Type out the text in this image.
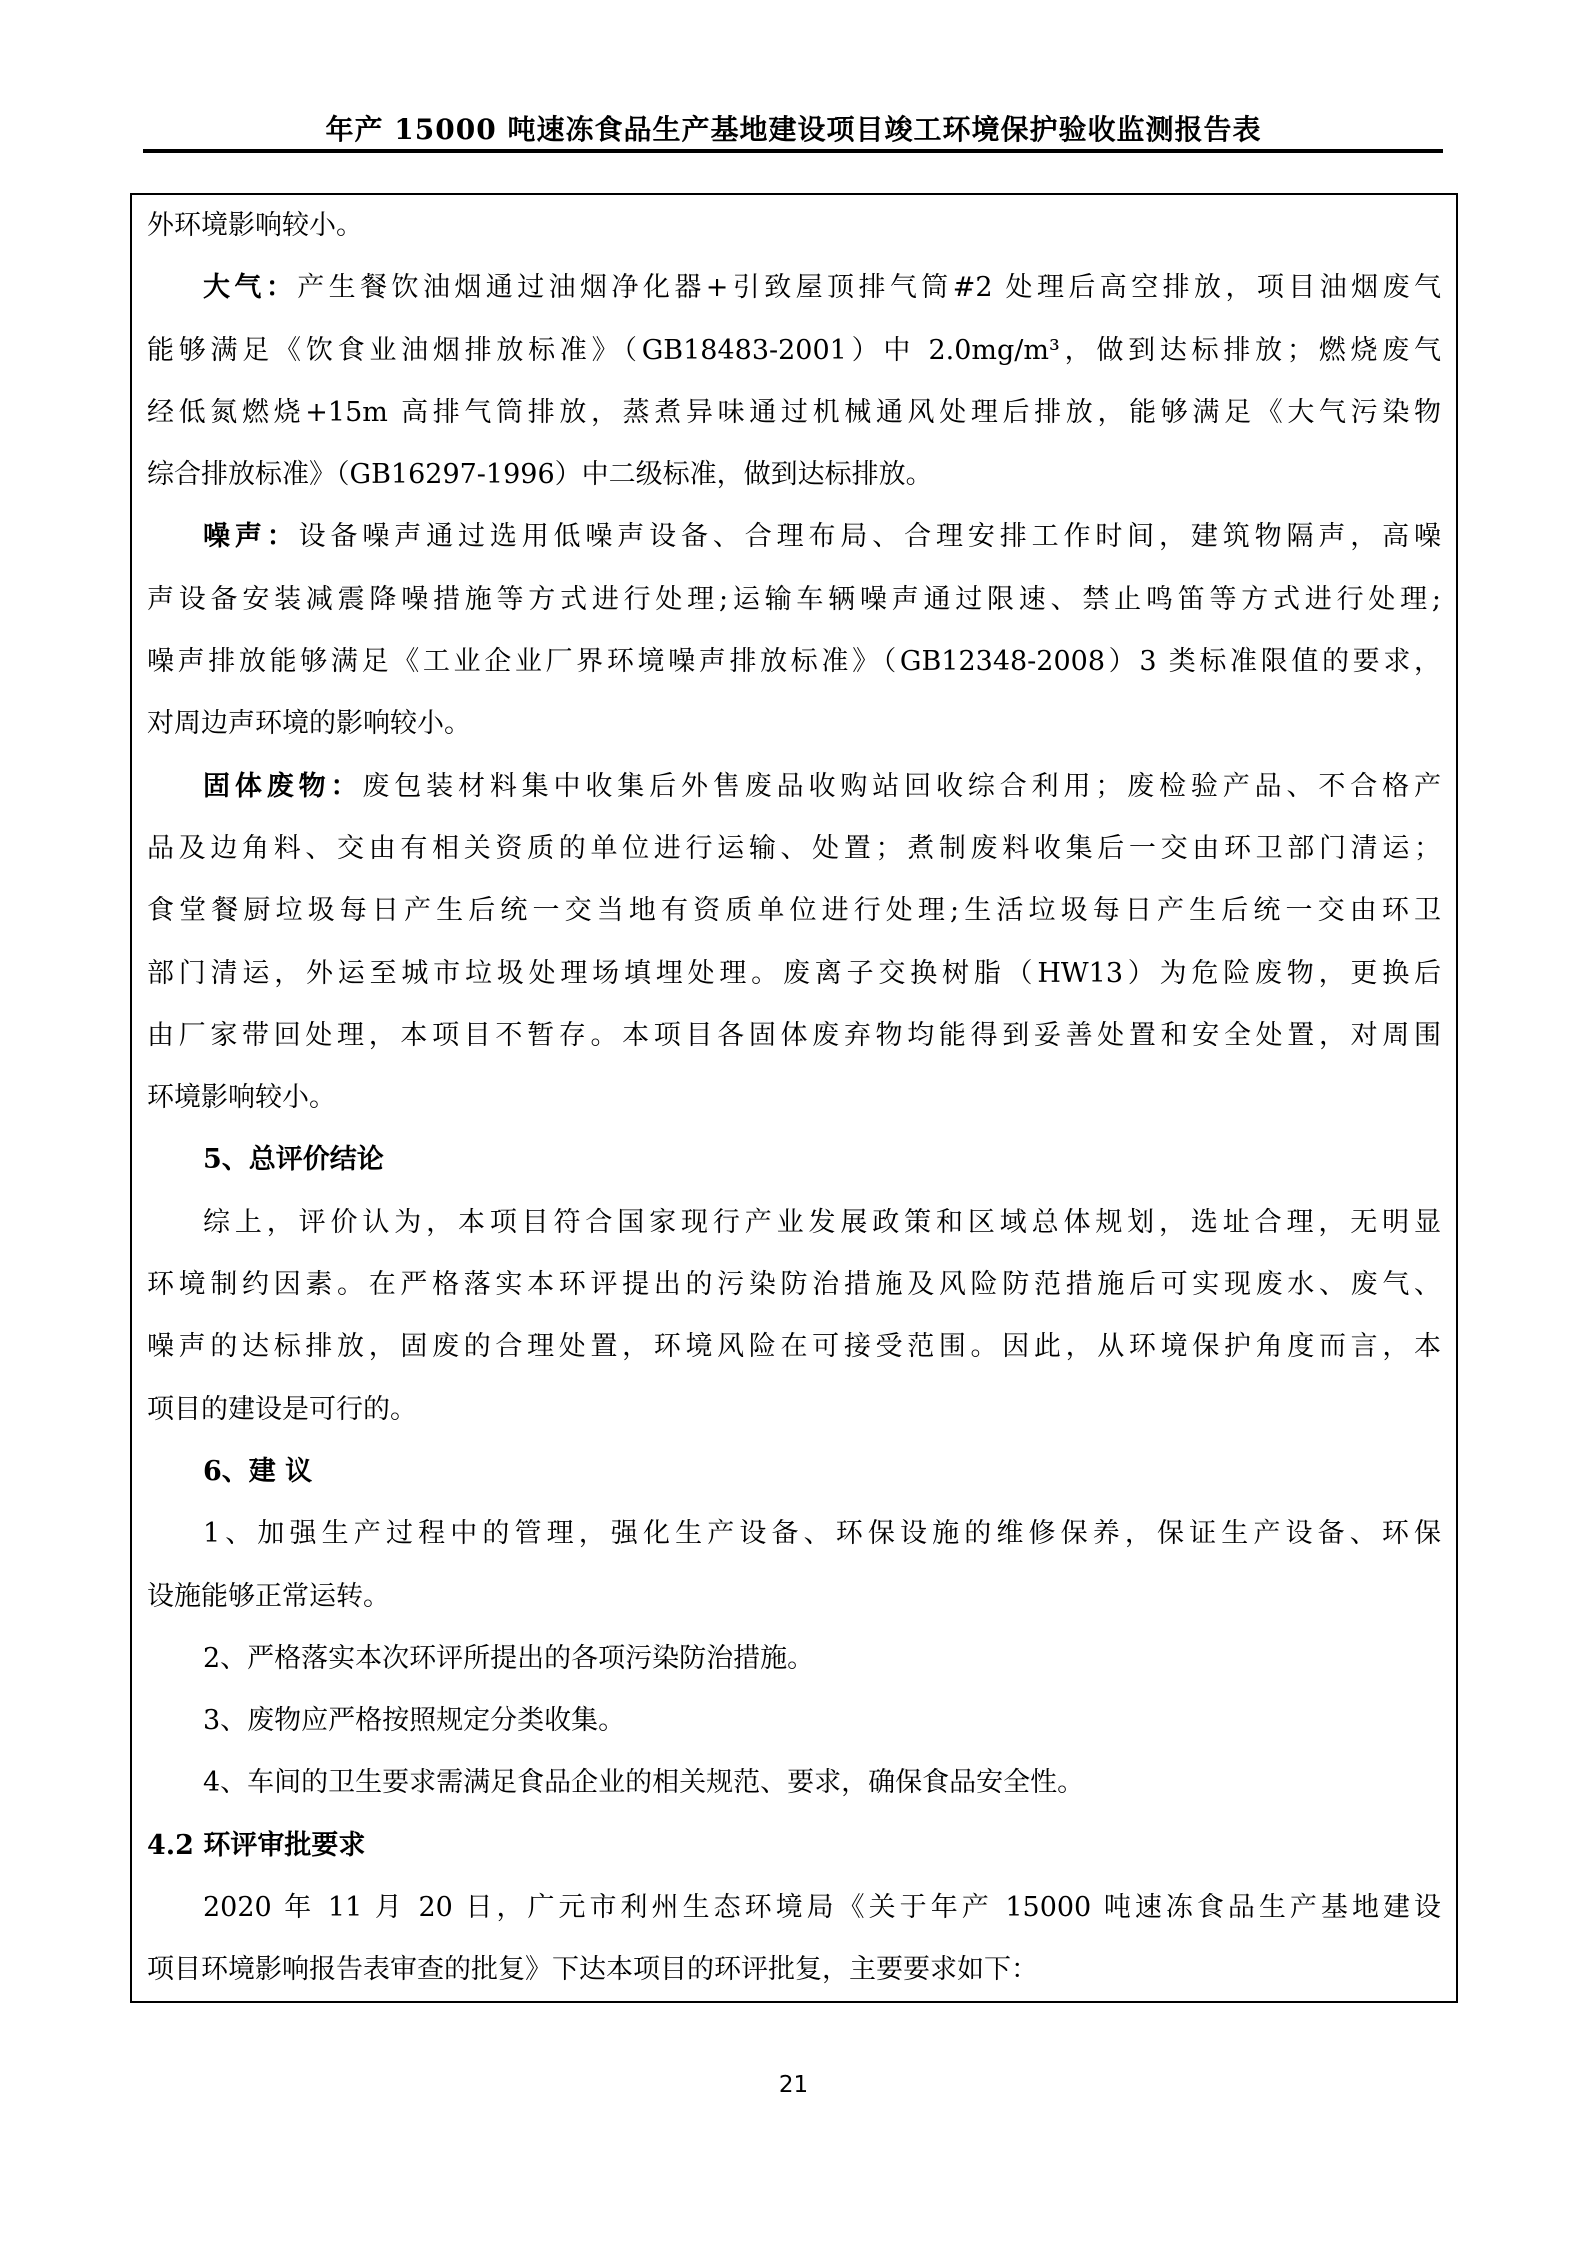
年产 15000 吨速冻食品生产基地建设项目竣工环境保护验收监测报告表
外环境影响较小。
大气：产生餐饮油烟通过油烟净化器+引致屋顶排气筒#2 处理后高空排放，项目油烟废气
能够满足《饮食业油烟排放标准》（GB18483-2001）中 2.0mg/m³，做到达标排放；燃烧废气
经低氮燃烧+15m 高排气筒排放，蒸煮异味通过机械通风处理后排放，能够满足《大气污染物
综合排放标准》（GB16297-1996）中二级标准，做到达标排放。
噪声：设备噪声通过选用低噪声设备、合理布局、合理安排工作时间，建筑物隔声，高噪
声设备安装减震降噪措施等方式进行处理;运输车辆噪声通过限速、禁止鸣笛等方式进行处理;
噪声排放能够满足《工业企业厂界环境噪声排放标准》（GB12348-2008）3 类标准限值的要求，
对周边声环境的影响较小。
固体废物：废包装材料集中收集后外售废品收购站回收综合利用；废检验产品、不合格产
品及边角料、交由有相关资质的单位进行运输、处置；煮制废料收集后一交由环卫部门清运；
食堂餐厨垃圾每日产生后统一交当地有资质单位进行处理;生活垃圾每日产生后统一交由环卫
部门清运，外运至城市垃圾处理场填埋处理。废离子交换树脂（HW13）为危险废物，更换后
由厂家带回处理，本项目不暂存。本项目各固体废弃物均能得到妥善处置和安全处置，对周围
环境影响较小。
5、总评价结论
综上，评价认为，本项目符合国家现行产业发展政策和区域总体规划，选址合理，无明显
环境制约因素。在严格落实本环评提出的污染防治措施及风险防范措施后可实现废水、废气、
噪声的达标排放，固废的合理处置，环境风险在可接受范围。因此，从环境保护角度而言，本
项目的建设是可行的。
6、建 议
1、加强生产过程中的管理，强化生产设备、环保设施的维修保养，保证生产设备、环保
设施能够正常运转。
2、严格落实本次环评所提出的各项污染防治措施。
3、废物应严格按照规定分类收集。
4、车间的卫生要求需满足食品企业的相关规范、要求，确保食品安全性。
4.2 环评审批要求
2020 年 11 月 20 日，广元市利州生态环境局《关于年产 15000 吨速冻食品生产基地建设
项目环境影响报告表审查的批复》下达本项目的环评批复，主要要求如下：
21
